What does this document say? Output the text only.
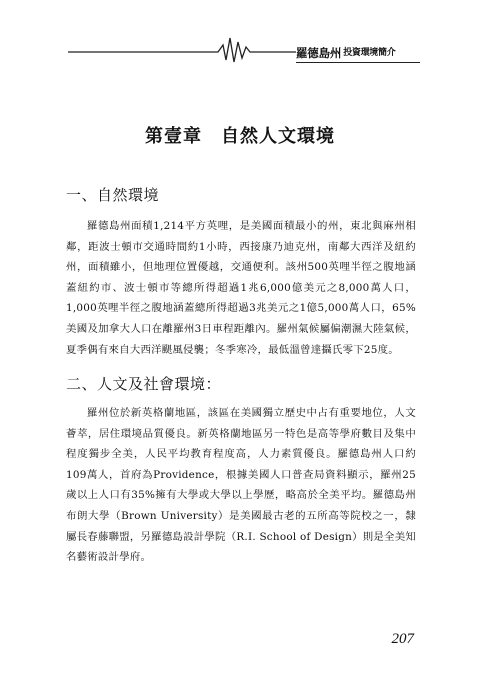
羅德島州 投資環境簡介
第壹章　自然人文環境
一、自然環境
羅德島州面積1,214平方英哩，是美國面積最小的州，東北與麻州相鄰，距波士頓市交通時間約1小時，西接康乃迪克州，南鄰大西洋及紐約州，面積雖小，但地理位置優越，交通便利。該州500英哩半徑之腹地涵蓋紐約市、波士頓市等總所得超過1兆6,000億美元之8,000萬人口，1,000英哩半徑之腹地涵蓋總所得超過3兆美元之1億5,000萬人口，65%美國及加拿大人口在離羅州3日車程距離內。羅州氣候屬偏潮濕大陸氣候，夏季偶有來自大西洋颶風侵襲；冬季寒冷，最低溫曾達攝氏零下25度。
二、人文及社會環境：
羅州位於新英格蘭地區，該區在美國獨立歷史中占有重要地位，人文薈萃，居住環境品質優良。新英格蘭地區另一特色是高等學府數目及集中程度獨步全美，人民平均教育程度高，人力素質優良。羅德島州人口約109萬人，首府為Providence，根據美國人口普查局資料顯示，羅州25歲以上人口有35%擁有大學或大學以上學歷，略高於全美平均。羅德島州布朗大學（Brown University）是美國最古老的五所高等院校之一，隸屬長春藤聯盟，另羅德島設計學院（R.I. School of Design）則是全美知名藝術設計學府。
207
